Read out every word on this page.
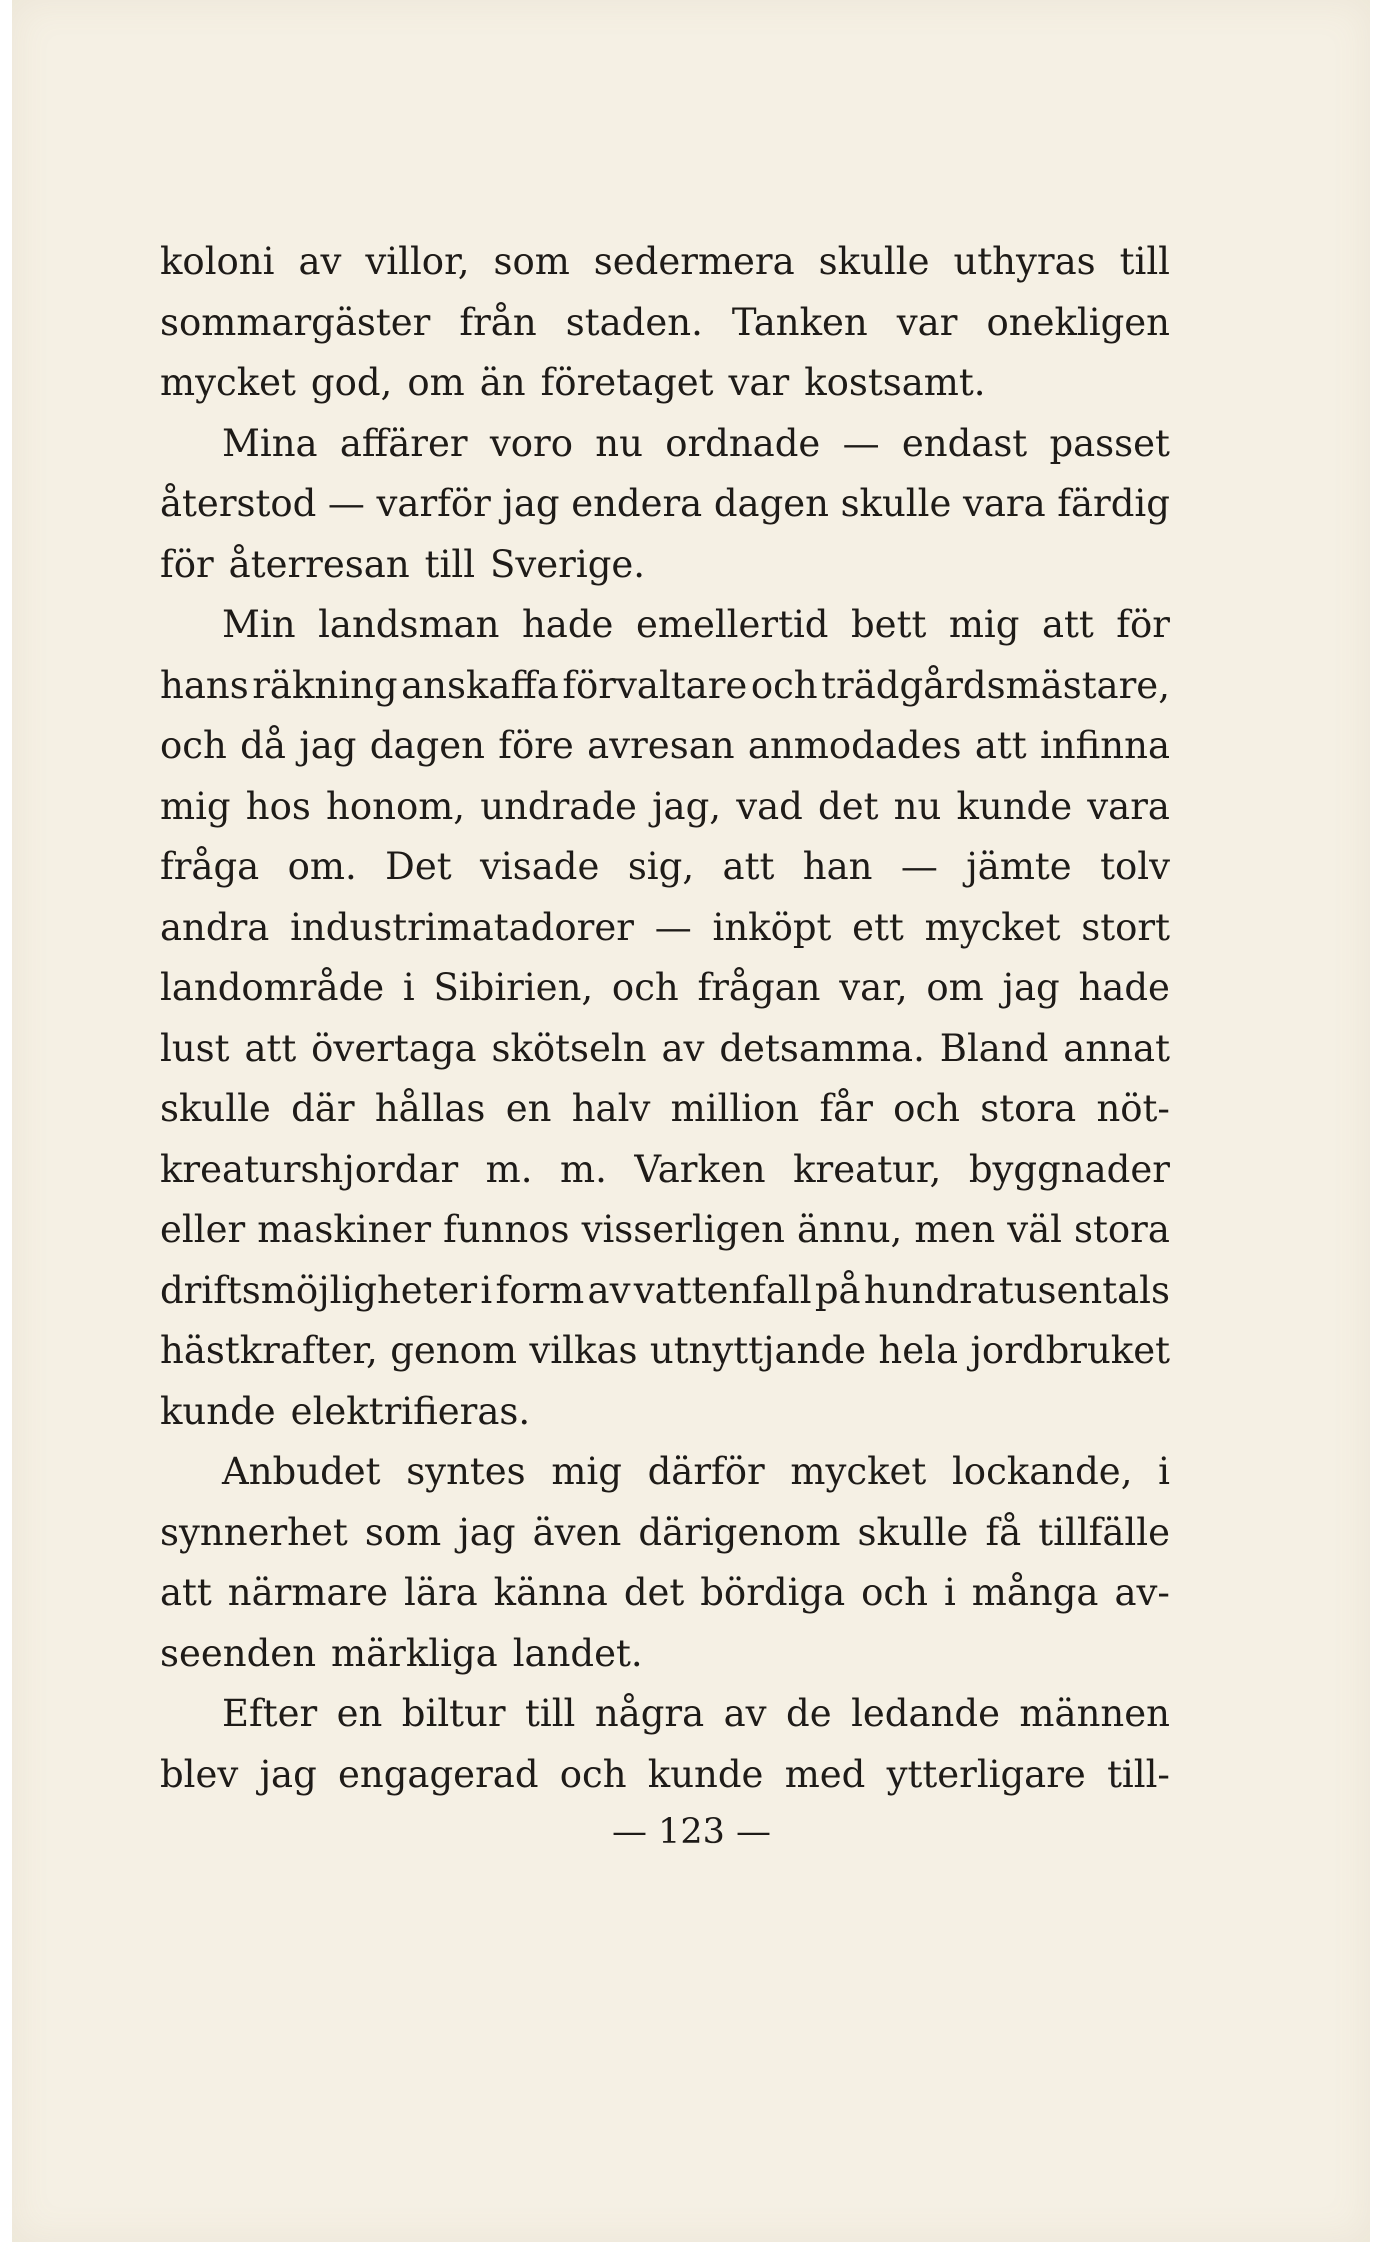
koloni av villor, som sedermera skulle uthyras till
sommargäster från staden. Tanken var onekligen
mycket god, om än företaget var kostsamt.
Mina affärer voro nu ordnade — endast passet
återstod — varför jag endera dagen skulle vara färdig
för återresan till Sverige.
Min landsman hade emellertid bett mig att för
hans räkning anskaffa förvaltare och trädgårdsmästare,
och då jag dagen före avresan anmodades att infinna
mig hos honom, undrade jag, vad det nu kunde vara
fråga om. Det visade sig, att han — jämte tolv
andra industrimatadorer — inköpt ett mycket stort
landområde i Sibirien, och frågan var, om jag hade
lust att övertaga skötseln av detsamma. Bland annat
skulle där hållas en halv million får och stora nöt-
kreaturshjordar m. m. Varken kreatur, byggnader
eller maskiner funnos visserligen ännu, men väl stora
driftsmöjligheter i form av vattenfall på hundratusentals
hästkrafter, genom vilkas utnyttjande hela jordbruket
kunde elektrifieras.
Anbudet syntes mig därför mycket lockande, i
synnerhet som jag även därigenom skulle få tillfälle
att närmare lära känna det bördiga och i många av-
seenden märkliga landet.
Efter en biltur till några av de ledande männen
blev jag engagerad och kunde med ytterligare till-
— 123 —
